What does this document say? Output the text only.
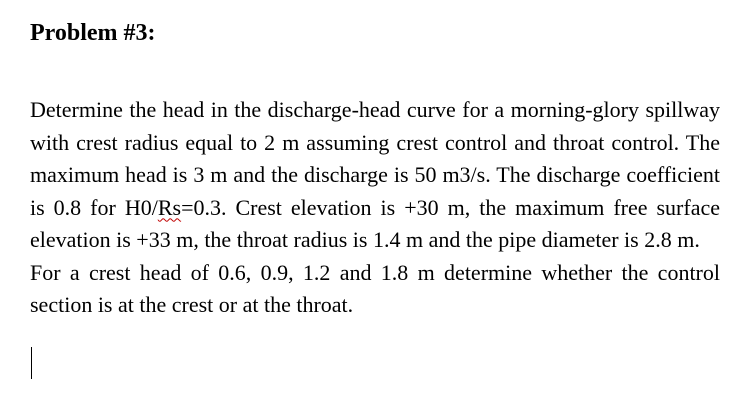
Problem #3:

Determine the head in the discharge-head curve for a morning-glory spillway with crest radius equal to 2 m assuming crest control and throat control. The maximum head is 3 m and the discharge is 50 m3/s. The discharge coefficient is 0.8 for H0/Rs=0.3. Crest elevation is +30 m, the maximum free surface elevation is +33 m, the throat radius is 1.4 m and the pipe diameter is 2.8 m.

For a crest head of 0.6, 0.9, 1.2 and 1.8 m determine whether the control section is at the crest or at the throat.
